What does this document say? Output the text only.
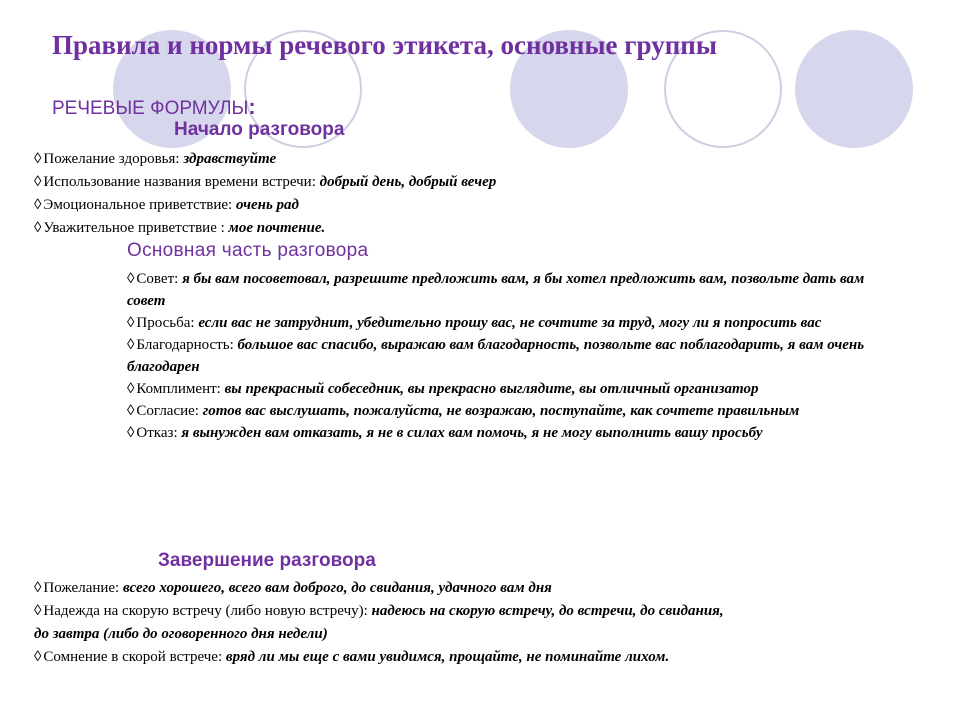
Правила и нормы речевого этикета, основные группы
РЕЧЕВЫЕ ФОРМУЛЫ:
Начало разговора
◊ Пожелание здоровья: здравствуйте
◊ Использование названия времени встречи: добрый день, добрый вечер
◊ Эмоциональное приветствие: очень рад
◊ Уважительное приветствие : мое почтение.
Основная часть разговора
◊ Совет: я бы вам посоветовал, разрешите предложить вам, я бы хотел предложить вам, позвольте дать вам совет
◊ Просьба: если вас не затруднит, убедительно прошу вас, не сочтите за труд, могу ли я попросить вас
◊ Благодарность: большое вас спасибо, выражаю вам благодарность, позвольте вас поблагодарить, я вам очень благодарен
◊ Комплимент: вы прекрасный собеседник, вы прекрасно выглядите, вы отличный организатор
◊ Согласие: готов вас выслушать, пожалуйста, не возражаю, поступайте, как сочтете правильным
◊ Отказ: я вынужден вам отказать, я не в силах вам помочь, я не могу выполнить вашу просьбу
Завершение разговора
◊ Пожелание: всего хорошего, всего вам доброго, до свидания, удачного вам дня
◊ Надежда на скорую встречу (либо новую встречу): надеюсь на скорую встречу, до встречи, до свидания, до завтра (либо до оговоренного дня недели)
◊ Сомнение в скорой встрече: вряд ли мы еще с вами увидимся, прощайте, не поминайте лихом.
